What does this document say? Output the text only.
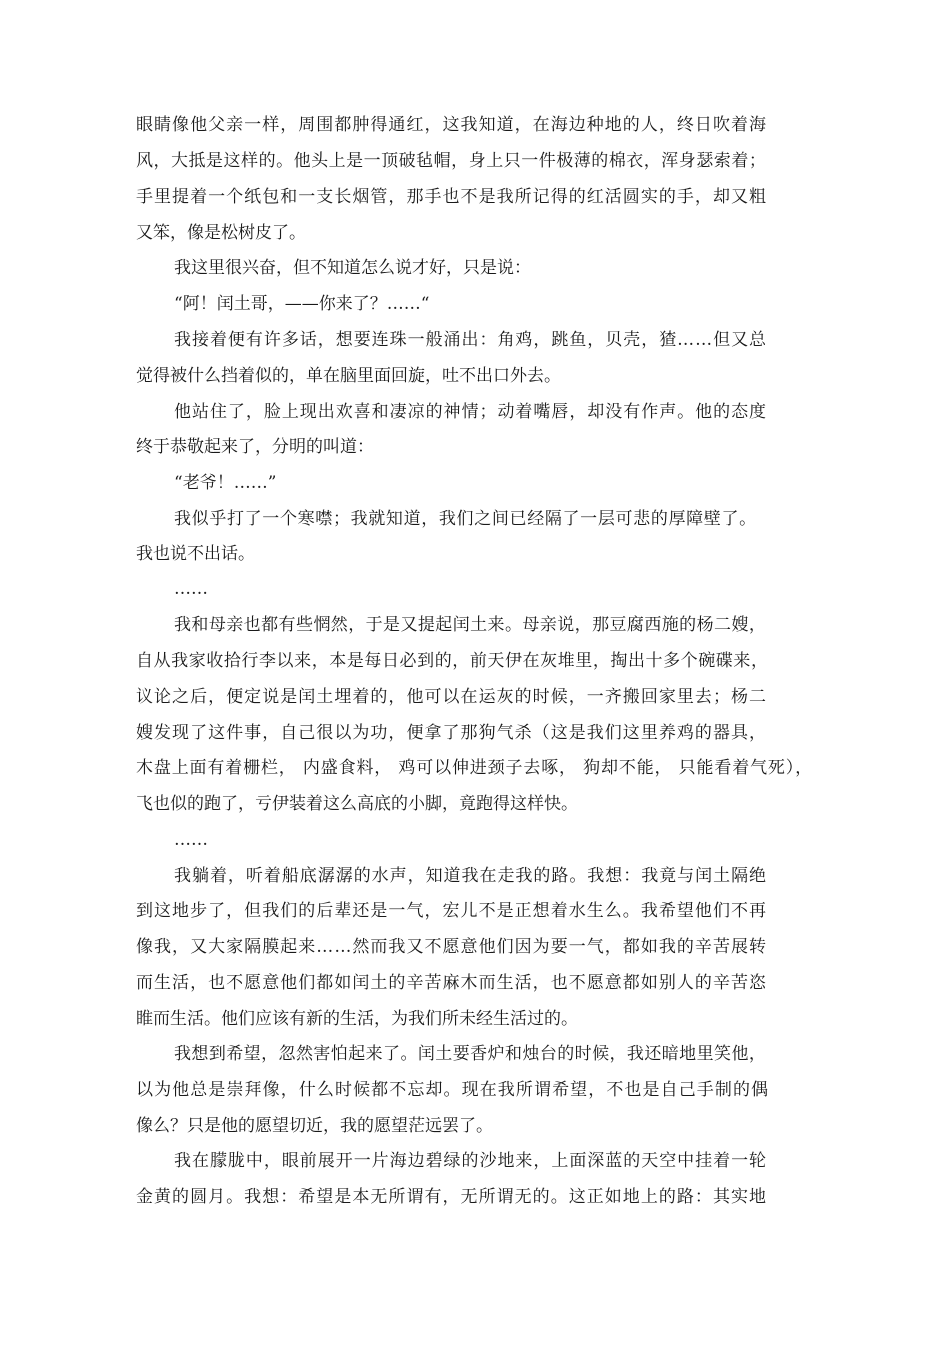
眼睛像他父亲一样，周围都肿得通红，这我知道，在海边种地的人，终日吹着海
风，大抵是这样的。他头上是一顶破毡帽，身上只一件极薄的棉衣，浑身瑟索着；
手里提着一个纸包和一支长烟管，那手也不是我所记得的红活圆实的手，却又粗
又笨，像是松树皮了。
我这里很兴奋，但不知道怎么说才好，只是说：
“阿！闰土哥，——你来了？……“
我接着便有许多话，想要连珠一般涌出：角鸡，跳鱼，贝壳，猹……但又总
觉得被什么挡着似的，单在脑里面回旋，吐不出口外去。
他站住了，脸上现出欢喜和凄凉的神情；动着嘴唇，却没有作声。他的态度
终于恭敬起来了，分明的叫道：
“老爷！……”
我似乎打了一个寒噤；我就知道，我们之间已经隔了一层可悲的厚障壁了。
我也说不出话。
……
我和母亲也都有些惘然，于是又提起闰土来。母亲说，那豆腐西施的杨二嫂，
自从我家收拾行李以来，本是每日必到的，前天伊在灰堆里，掏出十多个碗碟来，
议论之后，便定说是闰土埋着的，他可以在运灰的时候，一齐搬回家里去；杨二
嫂发现了这件事，自己很以为功，便拿了那狗气杀（这是我们这里养鸡的器具，
木盘上面有着栅栏， 内盛食料， 鸡可以伸进颈子去啄， 狗却不能， 只能看着气死），
飞也似的跑了，亏伊装着这么高底的小脚，竟跑得这样快。
……
我躺着，听着船底潺潺的水声，知道我在走我的路。我想：我竟与闰土隔绝
到这地步了，但我们的后辈还是一气，宏儿不是正想着水生么。我希望他们不再
像我，又大家隔膜起来……然而我又不愿意他们因为要一气，都如我的辛苦展转
而生活，也不愿意他们都如闰土的辛苦麻木而生活，也不愿意都如别人的辛苦恣
睢而生活。他们应该有新的生活，为我们所未经生活过的。
我想到希望，忽然害怕起来了。闰土要香炉和烛台的时候，我还暗地里笑他，
以为他总是崇拜像，什么时候都不忘却。现在我所谓希望，不也是自己手制的偶
像么？只是他的愿望切近，我的愿望茫远罢了。
我在朦胧中，眼前展开一片海边碧绿的沙地来，上面深蓝的天空中挂着一轮
金黄的圆月。我想：希望是本无所谓有，无所谓无的。这正如地上的路：其实地
